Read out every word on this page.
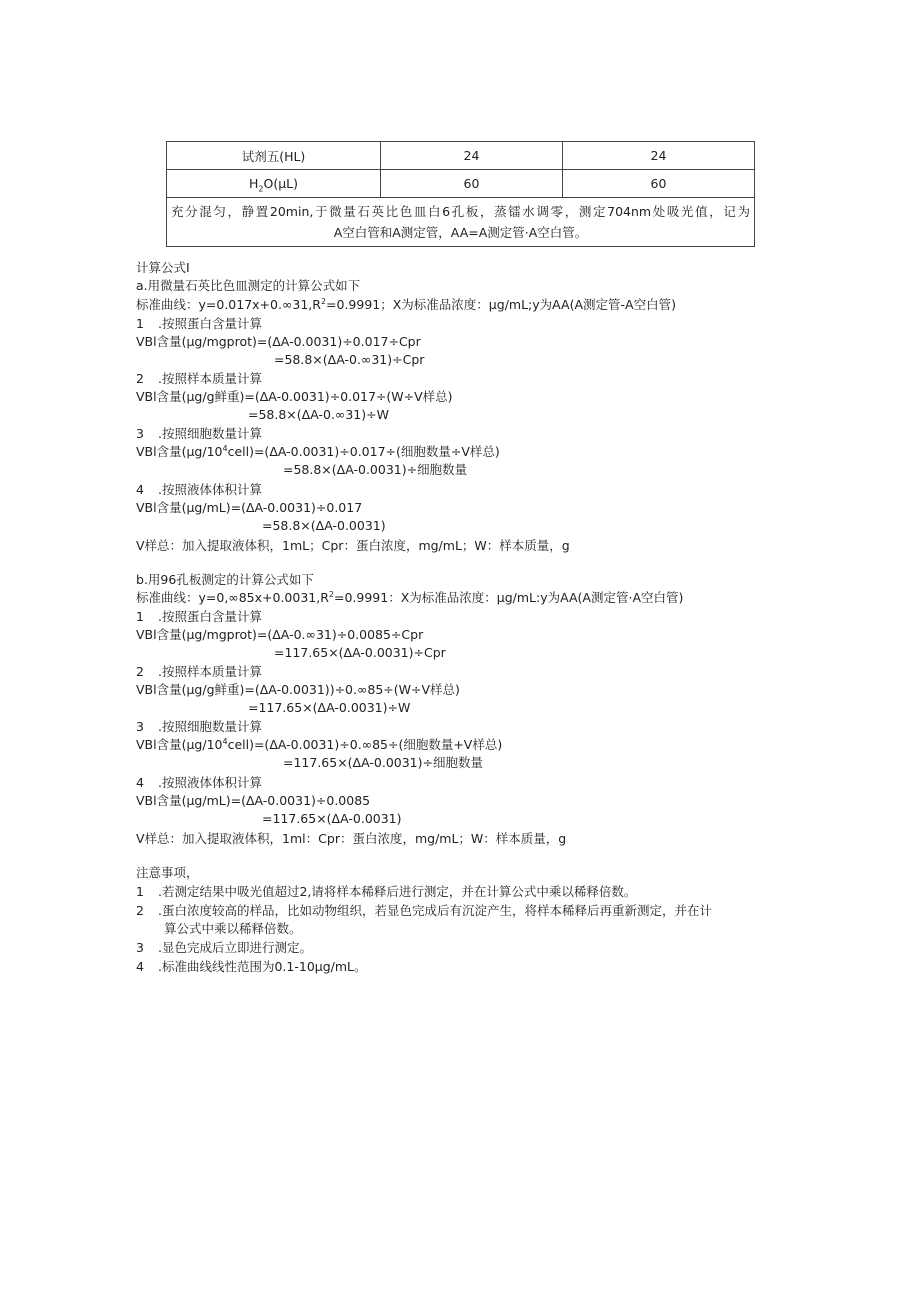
试剂五(HL)	24	24
$H_2O(\mu L)$	60	60

充分混匀，静置20min,于微量石英比色皿白6孔板，蒸镭水调零，测定704nm处吸光值，记为
A空白管和A测定管，AA=A测定管·A空白管。		
计算公式I
a.用微量石英比色皿测定的计算公式如下
标准曲线：$y=0.017x+0.\infty 31,R^2=0.9991$；X为标准品浓度：μg/mL;y为AA(A测定管-A空白管)
1 .按照蛋白含量计算
VBl含量(μg/mgprot)=(ΔA-0.0031)÷0.017÷Cpr
=58.8×(ΔA-0.∞31)÷Cpr
2 .按照样本质量计算
VBl含量(μg/g鲜重)=(ΔA-0.0031)÷0.017÷(W÷V样总)
=58.8×(ΔA-0.∞31)÷W
3 .按照细胞数量计算
VBl含量$(\mu g/10^4cell)=(\Delta A-0.0031)\div 0.017\div$(细胞数量÷V样总)
=58.8×(ΔA-0.0031)÷细胞数量
4 .按照液体体积计算
VBl含量(μg/mL)=(ΔA-0.0031)÷0.017
=58.8×(ΔA-0.0031)
V样总：加入提取液体积，1mL；Cpr：蛋白浓度，mg/mL；W：样本质量，g
b.用96孔板测定的计算公式如下
标准曲线：$y=0,\infty 85x+0.0031,R^2=0.9991$：X为标准品浓度：μg/mL:y为AA(A测定管·A空白管)
1 .按照蛋白含量计算
VBl含量(μg/mgprot)=(ΔA-0.∞31)÷0.0085÷Cpr
=117.65×(ΔA-0.0031)÷Cpr
2 .按照样本质量计算
VBl含量(μg/g鲜重)=(ΔA-0.0031))÷0.∞85÷(W÷V样总)
=117.65×(ΔA-0.0031)÷W
3 .按照细胞数量计算
VBl含量$(\mu g/10^4cell)=(\Delta A-0.0031)\div 0.\infty 85\div$(细胞数量+V样总)
=117.65×(ΔA-0.0031)÷细胞数量
4 .按照液体体积计算
VBl含量(μg/mL)=(ΔA-0.0031)÷0.0085
=117.65×(ΔA-0.0031)
V样总：加入提取液体积，1ml：Cpr：蛋白浓度，mg/mL；W：样本质量，g
注意事项，
1 .若测定结果中吸光值超过2,请将样本稀释后进行测定，并在计算公式中乘以稀释倍数。
2 .蛋白浓度较高的样品，比如动物组织，若显色完成后有沉淀产生，将样本稀释后再重新测定，并在计
算公式中乘以稀释倍数。
3 .显色完成后立即进行测定。
4 .标准曲线线性范围为0.1-10μg/mL。
